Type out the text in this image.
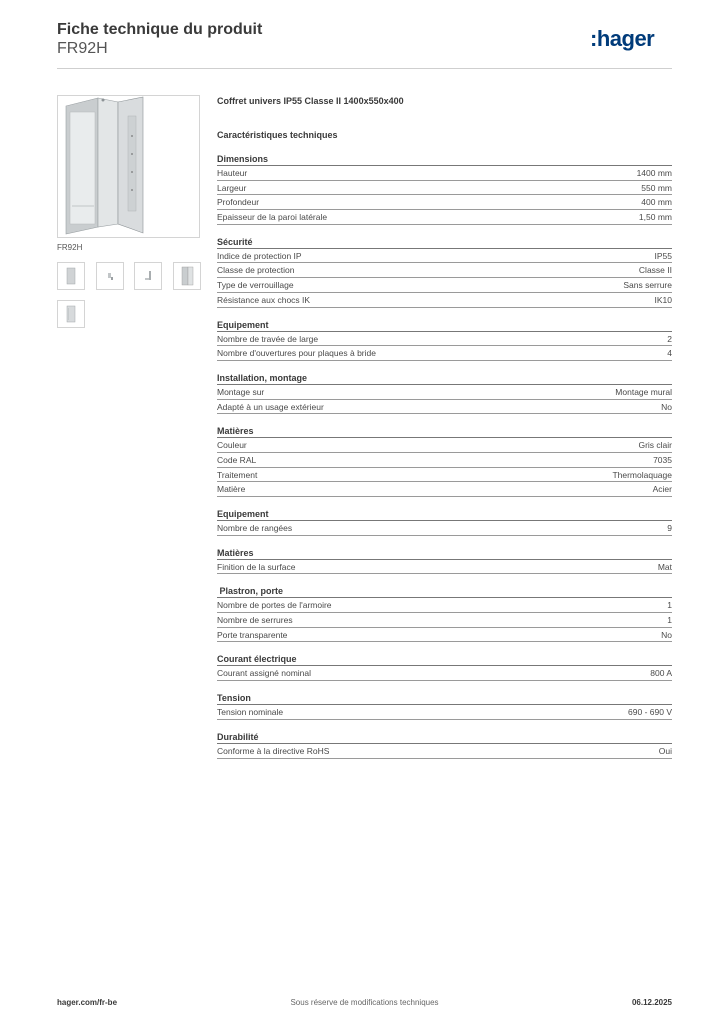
Fiche technique du produit
FR92H	:hager
FR92H
Coffret univers IP55 Classe II 1400x550x400
Caractéristiques techniques
Dimensions
Hauteur	1400 mm
Largeur	550 mm
Profondeur	400 mm
Epaisseur de la paroi latérale	1,50 mm
Sécurité
Indice de protection IP	IP55
Classe de protection	Classe II
Type de verrouillage	Sans serrure
Résistance aux chocs IK	IK10
Equipement
Nombre de travée de large	2
Nombre d'ouvertures pour plaques à bride	4
Installation, montage
Montage sur	Montage mural
Adapté à un usage extérieur	No
Matières
Couleur	Gris clair
Code RAL	7035
Traitement	Thermolaquage
Matière	Acier
Equipement
Nombre de rangées	9
Matières
Finition de la surface	Mat
Plastron, porte
Nombre de portes de l'armoire	1
Nombre de serrures	1
Porte transparente	No
Courant électrique
Courant assigné nominal	800 A
Tension
Tension nominale	690 - 690 V
Durabilité
Conforme à la directive RoHS	Oui
Sous réserve de modifications techniques
hager.com/fr-be	06.12.2025
